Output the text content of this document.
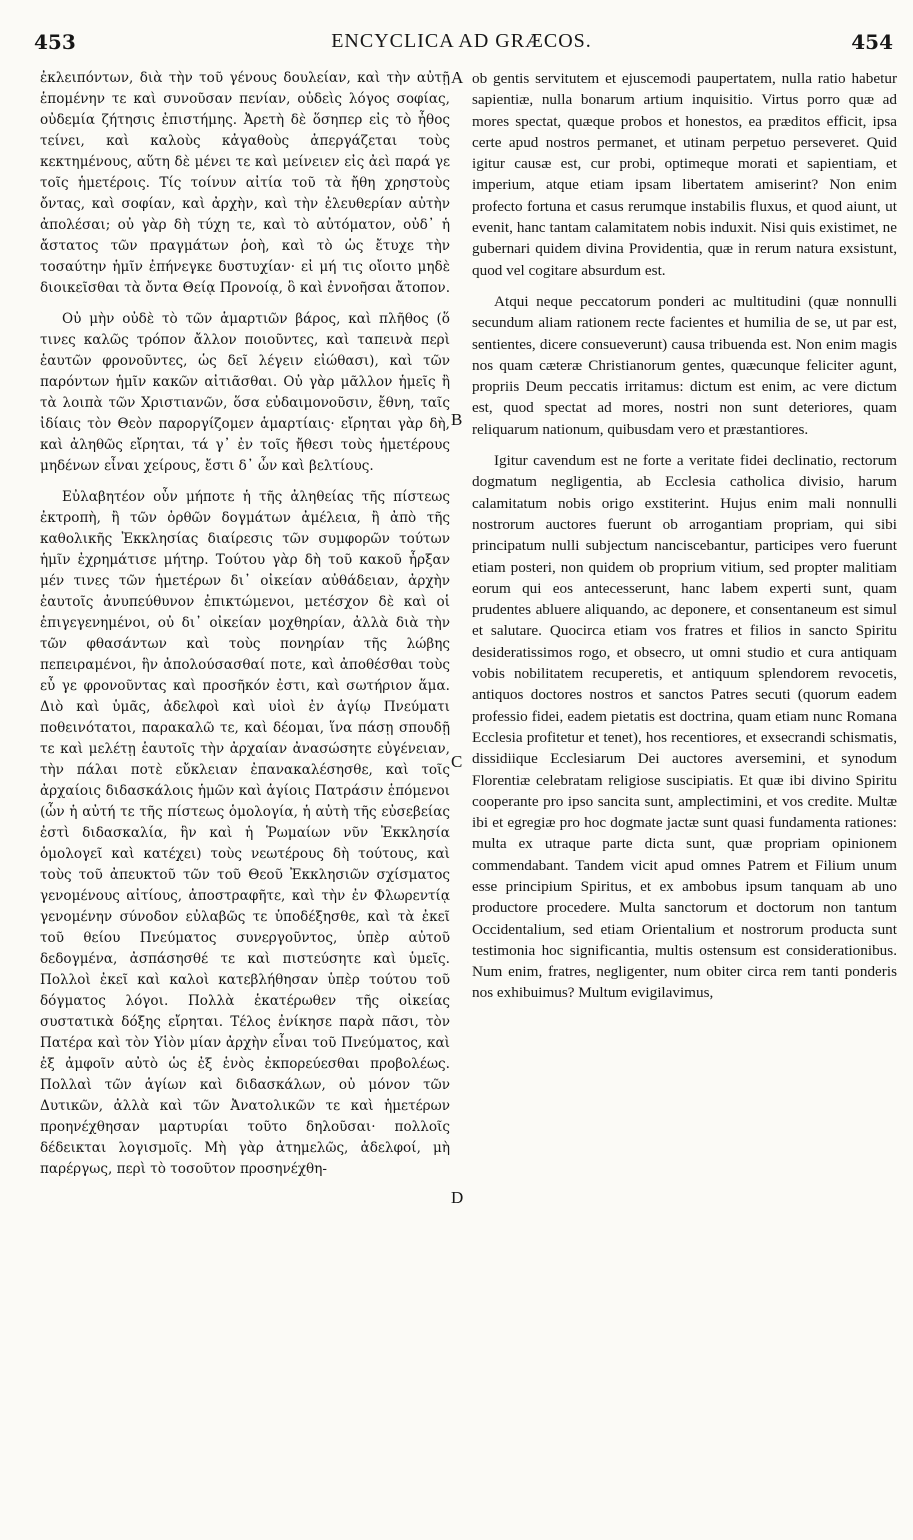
453	ENCYCLICA AD GRÆCOS.	454

ἐκλειπόντων, διὰ τὴν τοῦ γένους δουλείαν, καὶ τὴν αὐτῇ ἑπομένην τε καὶ συνοῦσαν πενίαν, οὐδεὶς λόγος σοφίας, οὐδεμία ζήτησις ἐπιστήμης. Ἀρετὴ δὲ ὅσηπερ εἰς τὸ ἦθος τείνει, καὶ καλοὺς κἀγαθοὺς ἀπεργάζεται τοὺς κεκτημένους, αὕτη δὲ μένει τε καὶ μείνειεν εἰς ἀεὶ παρά γε τοῖς ἡμετέροις. Τίς τοίνυν αἰτία τοῦ τὰ ἤθη χρηστοὺς ὄντας, καὶ σοφίαν, καὶ ἀρχὴν, καὶ τὴν ἐλευθερίαν αὐτὴν ἀπολέσαι; οὐ γὰρ δὴ τύχη τε, καὶ τὸ αὐτόματον, οὐδ᾽ ἡ ἄστατος τῶν πραγμάτων ῥοὴ, καὶ τὸ ὡς ἔτυχε τὴν τοσαύτην ἡμῖν ἐπήνεγκε δυστυχίαν· εἰ μή τις οἴοιτο μηδὲ διοικεῖσθαι τὰ ὄντα Θείᾳ Προνοίᾳ, ὃ καὶ ἐννοῆσαι ἄτοπον.

Οὐ μὴν οὐδὲ τὸ τῶν ἁμαρτιῶν βάρος, καὶ πλῆθος (ὅ τινες καλῶς τρόπον ἄλλον ποιοῦντες, καὶ ταπεινὰ περὶ ἑαυτῶν φρονοῦντες, ὡς δεῖ λέγειν εἰώθασι), καὶ τῶν παρόντων ἡμῖν κακῶν αἰτιᾶσθαι. Οὐ γὰρ μᾶλλον ἡμεῖς ἢ τὰ λοιπὰ τῶν Χριστιανῶν, ὅσα εὐδαιμονοῦσιν, ἔθνη, ταῖς ἰδίαις τὸν Θεὸν παροργίζομεν ἁμαρτίαις· εἴρηται γὰρ δὴ, καὶ ἀληθῶς εἴρηται, τά γ᾽ ἐν τοῖς ἤθεσι τοὺς ἡμετέρους μηδένων εἶναι χείρους, ἔστι δ᾽ ὧν καὶ βελτίους.

Εὐλαβητέον οὖν μήποτε ἡ τῆς ἀληθείας τῆς πίστεως ἐκτροπὴ, ἢ τῶν ὀρθῶν δογμάτων ἀμέλεια, ἢ ἀπὸ τῆς καθολικῆς Ἐκκλησίας διαίρεσις τῶν συμφορῶν τούτων ἡμῖν ἐχρημάτισε μήτηρ. Τούτου γὰρ δὴ τοῦ κακοῦ ἦρξαν μέν τινες τῶν ἡμετέρων δι᾽ οἰκείαν αὐθάδειαν, ἀρχὴν ἑαυτοῖς ἀνυπεύθυνον ἐπικτώμενοι, μετέσχον δὲ καὶ οἱ ἐπιγεγενημένοι, οὐ δι᾽ οἰκείαν μοχθηρίαν, ἀλλὰ διὰ τὴν τῶν φθασάντων καὶ τοὺς πονηρίαν τῆς λώβης πεπειραμένοι, ἣν ἀπολούσασθαί ποτε, καὶ ἀποθέσθαι τοὺς εὖ γε φρονοῦντας καὶ προσῆκόν ἐστι, καὶ σωτήριον ἅμα. Διὸ καὶ ὑμᾶς, ἀδελφοὶ καὶ υἱοὶ ἐν ἁγίῳ Πνεύματι ποθεινότατοι, παρακαλῶ τε, καὶ δέομαι, ἵνα πάσῃ σπουδῇ τε καὶ μελέτῃ ἑαυτοῖς τὴν ἀρχαίαν ἀνασώσητε εὐγένειαν, τὴν πάλαι ποτὲ εὔκλειαν ἐπανακαλέσησθε, καὶ τοῖς ἀρχαίοις διδασκάλοις ἡμῶν καὶ ἁγίοις Πατράσιν ἑπόμενοι (ὧν ἡ αὐτή τε τῆς πίστεως ὁμολογία, ἡ αὐτὴ τῆς εὐσεβείας ἐστὶ διδασκαλία, ἣν καὶ ἡ Ῥωμαίων νῦν Ἐκκλησία ὁμολογεῖ καὶ κατέχει) τοὺς νεωτέρους δὴ τούτους, καὶ τοὺς τοῦ ἀπευκτοῦ τῶν τοῦ Θεοῦ Ἐκκλησιῶν σχίσματος γενομένους αἰτίους, ἀποστραφῆτε, καὶ τὴν ἐν Φλωρεντίᾳ γενομένην σύνοδον εὐλαβῶς τε ὑποδέξησθε, καὶ τὰ ἐκεῖ τοῦ θείου Πνεύματος συνεργοῦντος, ὑπὲρ αὐτοῦ δεδογμένα, ἀσπάσησθέ τε καὶ πιστεύσητε καὶ ὑμεῖς. Πολλοὶ ἐκεῖ καὶ καλοὶ κατεβλήθησαν ὑπὲρ τούτου τοῦ δόγματος λόγοι. Πολλὰ ἑκατέρωθεν τῆς οἰκείας συστατικὰ δόξης εἴρηται. Τέλος ἐνίκησε παρὰ πᾶσι, τὸν Πατέρα καὶ τὸν Υἱὸν μίαν ἀρχὴν εἶναι τοῦ Πνεύματος, καὶ ἐξ ἀμφοῖν αὐτὸ ὡς ἐξ ἑνὸς ἐκπορεύεσθαι προβολέως. Πολλαὶ τῶν ἁγίων καὶ διδασκάλων, οὐ μόνον τῶν Δυτικῶν, ἀλλὰ καὶ τῶν Ἀνατολικῶν τε καὶ ἡμετέρων προηνέχθησαν μαρτυρίαι τοῦτο δηλοῦσαι· πολλοῖς δέδεικται λογισμοῖς. Μὴ γὰρ ἀτημελῶς, ἀδελφοί, μὴ παρέργως, περὶ τὸ τοσοῦτον προσηνέχθη-

A
B
C
D

ob gentis servitutem et ejuscemodi paupertatem, nulla ratio habetur sapientiæ, nulla bonarum artium inquisitio. Virtus porro quæ ad mores spectat, quæque probos et honestos, ea præditos efficit, ipsa certe apud nostros permanet, et utinam perpetuo perseveret. Quid igitur causæ est, cur probi, optimeque morati et sapientiam, et imperium, atque etiam ipsam libertatem amiserint? Non enim profecto fortuna et casus rerumque instabilis fluxus, et quod aiunt, ut evenit, hanc tantam calamitatem nobis induxit. Nisi quis existimet, ne gubernari quidem divina Providentia, quæ in rerum natura exsistunt, quod vel cogitare absurdum est.

Atqui neque peccatorum ponderi ac multitudini (quæ nonnulli secundum aliam rationem recte facientes et humilia de se, ut par est, sentientes, dicere consueverunt) causa tribuenda est. Non enim magis nos quam cæteræ Christianorum gentes, quæcunque feliciter agunt, propriis Deum peccatis irritamus: dictum est enim, ac vere dictum est, quod spectat ad mores, nostri non sunt deteriores, quam reliquarum nationum, quibusdam vero et præstantiores.

Igitur cavendum est ne forte a veritate fidei declinatio, rectorum dogmatum negligentia, ab Ecclesia catholica divisio, harum calamitatum nobis origo exstiterint. Hujus enim mali nonnulli nostrorum auctores fuerunt ob arrogantiam propriam, qui sibi principatum nulli subjectum nanciscebantur, participes vero fuerunt etiam posteri, non quidem ob proprium vitium, sed propter malitiam eorum qui eos antecesserunt, hanc labem experti sunt, quam prudentes abluere aliquando, ac deponere, et consentaneum est simul et salutare. Quocirca etiam vos fratres et filios in sancto Spiritu desideratissimos rogo, et obsecro, ut omni studio et cura antiquam vobis nobilitatem recuperetis, et antiquum splendorem revocetis, antiquos doctores nostros et sanctos Patres secuti (quorum eadem professio fidei, eadem pietatis est doctrina, quam etiam nunc Romana Ecclesia profitetur et tenet), hos recentiores, et exsecrandi schismatis, dissidiique Ecclesiarum Dei auctores aversemini, et synodum Florentiæ celebratam religiose suscipiatis. Et quæ ibi divino Spiritu cooperante pro ipso sancita sunt, amplectimini, et vos credite. Multæ ibi et egregiæ pro hoc dogmate jactæ sunt quasi fundamenta rationes: multa ex utraque parte dicta sunt, quæ propriam opinionem commendabant. Tandem vicit apud omnes Patrem et Filium unum esse principium Spiritus, et ex ambobus ipsum tanquam ab uno productore procedere. Multa sanctorum et doctorum non tantum Occidentalium, sed etiam Orientalium et nostrorum producta sunt testimonia hoc significantia, multis ostensum est considerationibus. Num enim, fratres, negligenter, num obiter circa rem tanti ponderis nos exhibuimus? Multum evigilavimus,
